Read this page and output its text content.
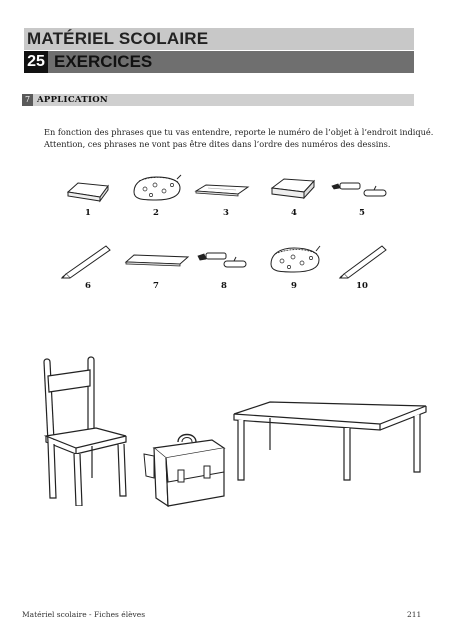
MATÉRIEL SCOLAIRE
25 EXERCICES
7 APPLICATION
En fonction des phrases que tu vas entendre, reporte le numéro de l’objet à l’endroit indiqué.
Attention, ces phrases ne vont pas être dites dans l’ordre des numéros des dessins.
1	2	3	4	5
6	7	8	9	10
Matériel scolaire - Fiches élèves	211
